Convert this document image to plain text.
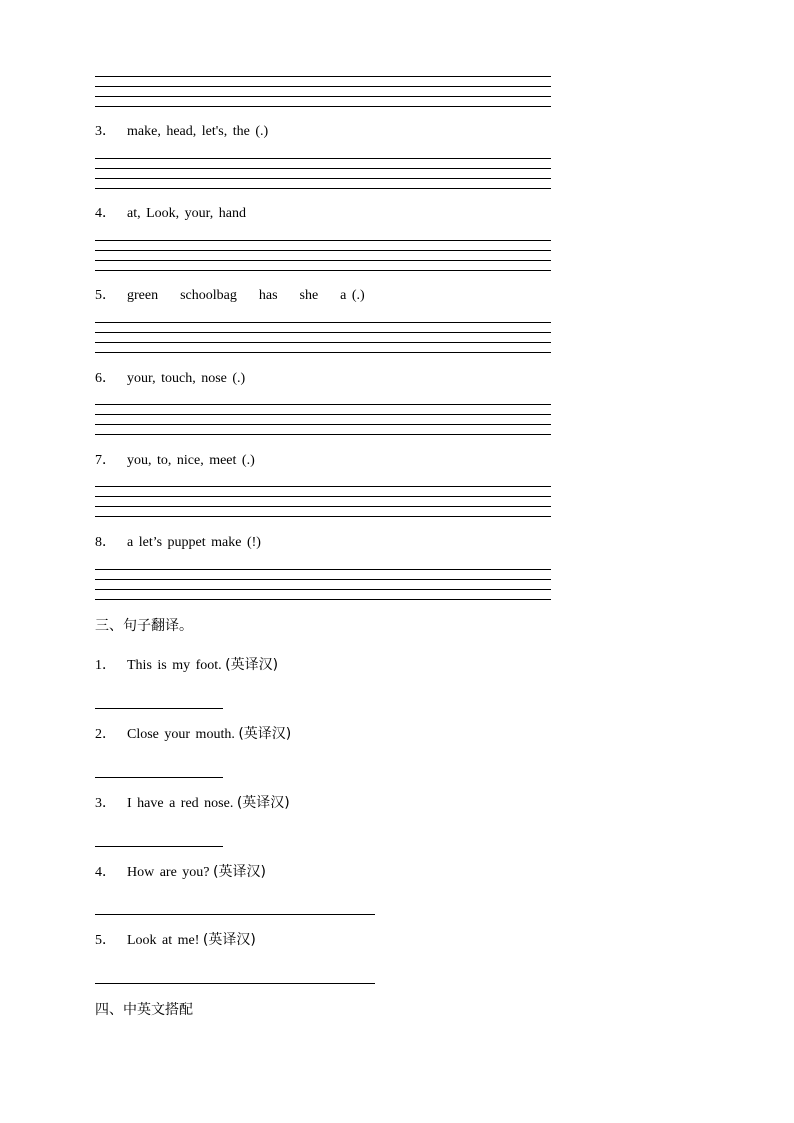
3． make, head, let's, the (.)
4． at, Look, your, hand
5． green    schoolbag    has    she    a (.)
6． your, touch, nose (.)
7． you, to, nice, meet (.)
8． a let’s puppet make (!)
三、句子翻译。
1． This is my foot. (英译汉)
2． Close your mouth. (英译汉)
3． I have a red nose. (英译汉)
4． How are you? (英译汉)
5． Look at me! (英译汉)
四、中英文搭配
